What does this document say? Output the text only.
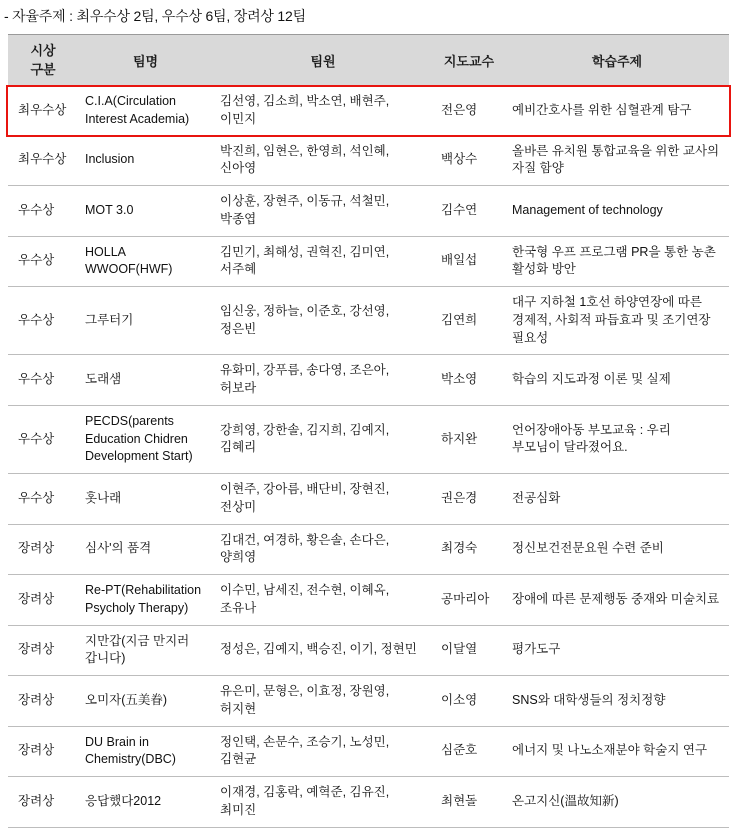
- 자율주제 : 최우수상 2팀, 우수상 6팀, 장려상 12팀
시상
구분	팀명	팀원	지도교수	학습주제
최우수상	C.I.A(Circulation Interest Academia)	김선영, 김소희, 박소연, 배현주, 이민지	전은영	예비간호사를 위한 심혈관계 탐구
최우수상	Inclusion	박진희, 임현은, 한영희, 석인혜, 신아영	백상수	올바른 유치원 통합교육을 위한 교사의 자질 함양
우수상	MOT 3.0	이상훈, 장현주, 이동규, 석철민, 박종엽	김수연	Management of technology
우수상	HOLLA WWOOF(HWF)	김민기, 최해성, 권혁진, 김미연, 서주혜	배일섭	한국형 우프 프로그램 PR을 통한 농촌 활성화 방안
우수상	그루터기	임신웅, 정하늘, 이준호, 강선영, 정은빈	김연희	대구 지하철 1호선 하양연장에 따른 경제적, 사회적 파듭효과 및 조기연장 필요성
우수상	도래샘	유화미, 강푸름, 송다영, 조은아, 허보라	박소영	학습의 지도과정 이론 및 실제
우수상	PECDS(parents Education Chidren Development Start)	강희영, 강한솔, 김지희, 김예지, 김혜리	하지완	언어장애아동 부모교육 : 우리 부모님이 달라졌어요.
우수상	홋나래	이현주, 강아름, 배단비, 장현진, 전상미	권은경	전공심화
장려상	심사'의 품격	김대건, 여경하, 황은솔, 손다은, 양희영	최경숙	정신보건전문요원 수련 준비
장려상	Re-PT(Rehabilitation Psycholy Therapy)	이수민, 남세진, 전수현, 이혜옥, 조유나	공마리아	장애에 따른 문제행동 중재와 미술치료
장려상	지만갑(지금 만지러 갑니다)	정성은, 김예지, 백승진, 이기឵, 정현민	이달열	평가도구
장려상	오미자(五美眷)	유은미, 문형은, 이효정, 장원영, 허지현	이소영	SNS와 대학생들의 정치정향
장려상	DU Brain in Chemistry(DBC)	정인택, 손문수, 조승기, 노성민, 김현균	심준호	에너지 및 나노소재분야 학술지 연구
장려상	응답했다2012	이재경, 김홍락, 예혁준, 김유진, 최미진	최현돌	온고지신(溫故知新)
